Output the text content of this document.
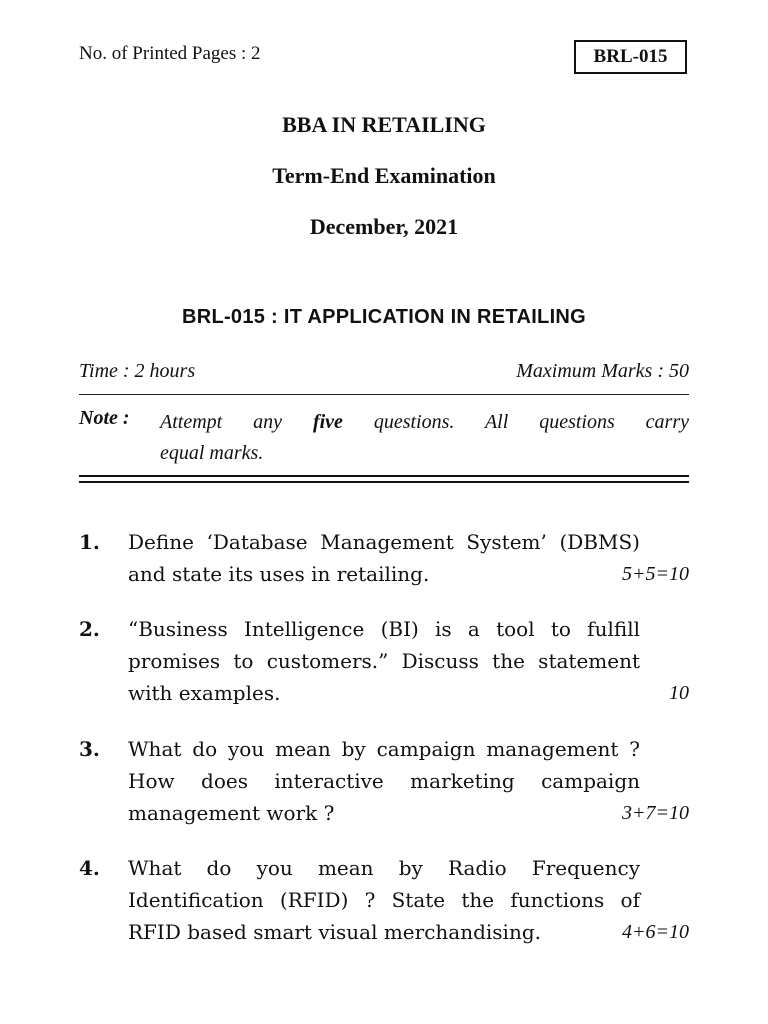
No. of Printed Pages : 2	BRL-015
BBA IN RETAILING
Term-End Examination
December, 2021
BRL-015 : IT APPLICATION IN RETAILING
Time : 2 hours	Maximum Marks : 50
Note : Attempt any five questions. All questions carry
equal marks.
1. Define ‘Database Management System’ (DBMS)
and state its uses in retailing.	5+5=10
2. “Business Intelligence (BI) is a tool to fulfill
promises to customers.” Discuss the statement
with examples.	10
3. What do you mean by campaign management ?
How does interactive marketing campaign
management work ?	3+7=10
4. What do you mean by Radio Frequency
Identification (RFID) ? State the functions of
RFID based smart visual merchandising.	4+6=10
